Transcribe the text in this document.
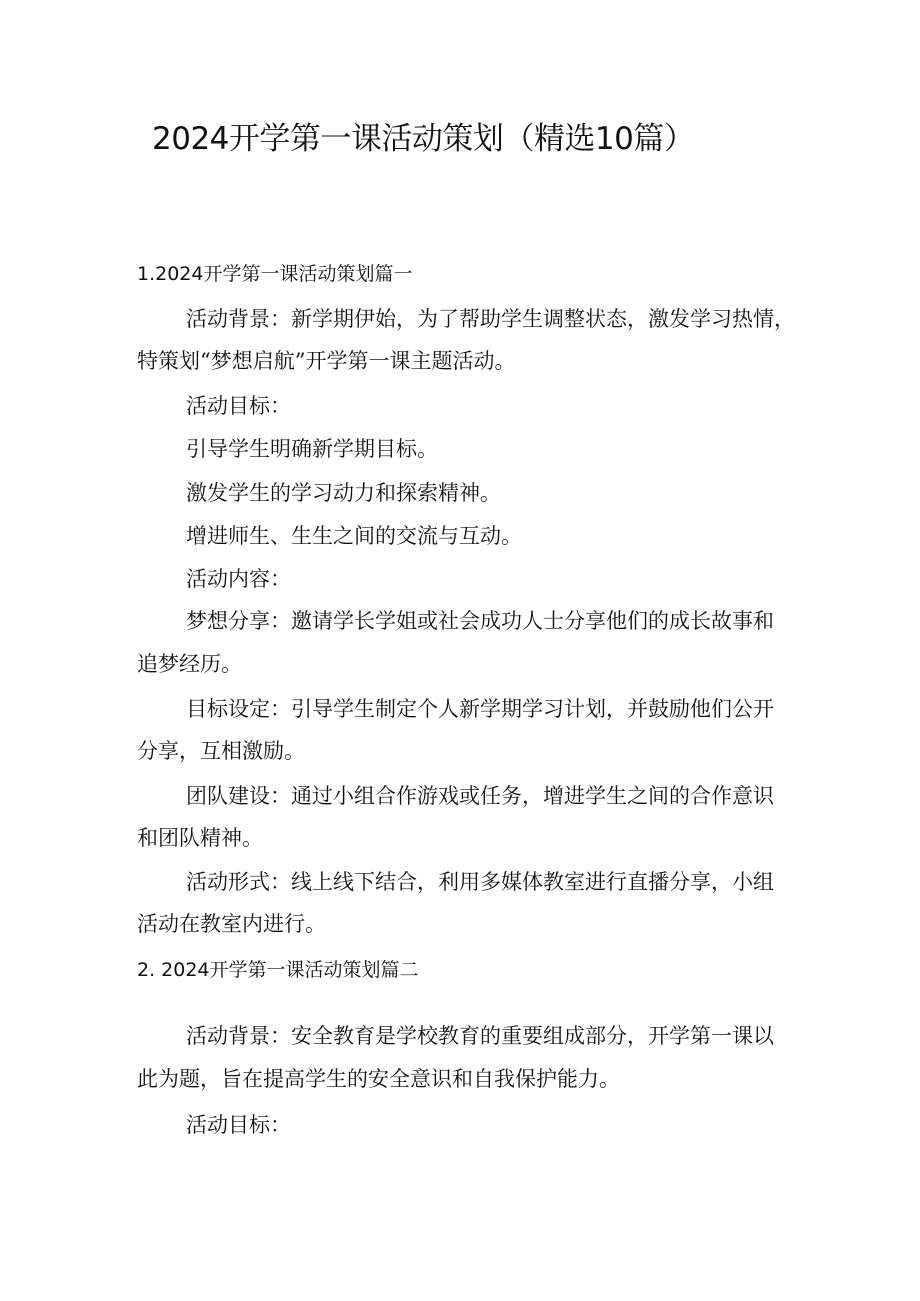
2024开学第一课活动策划（精选10篇）
1.2024开学第一课活动策划篇一
活动背景：新学期伊始，为了帮助学生调整状态，激发学习热情，
特策划“梦想启航”开学第一课主题活动。
活动目标：
引导学生明确新学期目标。
激发学生的学习动力和探索精神。
增进师生、生生之间的交流与互动。
活动内容：
梦想分享：邀请学长学姐或社会成功人士分享他们的成长故事和
追梦经历。
目标设定：引导学生制定个人新学期学习计划，并鼓励他们公开
分享，互相激励。
团队建设：通过小组合作游戏或任务，增进学生之间的合作意识
和团队精神。
活动形式：线上线下结合，利用多媒体教室进行直播分享，小组
活动在教室内进行。
2. 2024开学第一课活动策划篇二
活动背景：安全教育是学校教育的重要组成部分，开学第一课以
此为题，旨在提高学生的安全意识和自我保护能力。
活动目标：
